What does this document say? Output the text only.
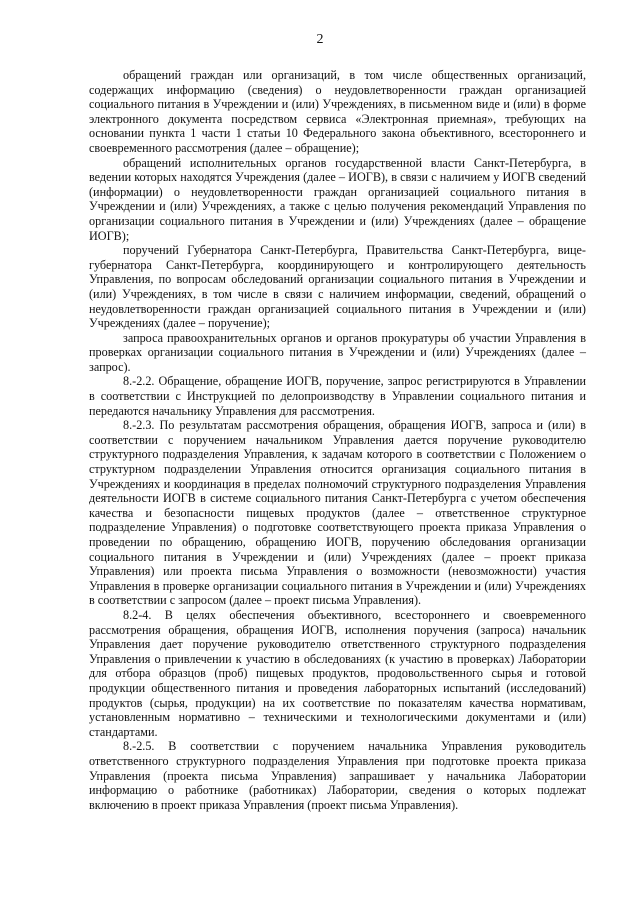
2

обращений граждан или организаций, в том числе общественных организаций, содержащих информацию (сведения) о неудовлетворенности граждан организацией социального питания в Учреждении и (или) Учреждениях, в письменном виде и (или) в форме электронного документа посредством сервиса «Электронная приемная», требующих на основании пункта 1 части 1 статьи 10 Федерального закона объективного, всестороннего и своевременного рассмотрения (далее – обращение);

обращений исполнительных органов государственной власти Санкт-Петербурга, в ведении которых находятся Учреждения (далее – ИОГВ), в связи с наличием у ИОГВ сведений (информации) о неудовлетворенности граждан организацией социального питания в Учреждении и (или) Учреждениях, а также с целью получения рекомендаций Управления по организации социального питания в Учреждении и (или) Учреждениях (далее – обращение ИОГВ);

поручений Губернатора Санкт-Петербурга, Правительства Санкт-Петербурга, вице-губернатора Санкт-Петербурга, координирующего и контролирующего деятельность Управления, по вопросам обследований организации социального питания в Учреждении и (или) Учреждениях, в том числе в связи с наличием информации, сведений, обращений о неудовлетворенности граждан организацией социального питания в Учреждении и (или) Учреждениях (далее – поручение);

запроса правоохранительных органов и органов прокуратуры об участии Управления в проверках организации социального питания в Учреждении и (или) Учреждениях (далее – запрос).

8.-2.2. Обращение, обращение ИОГВ, поручение, запрос регистрируются в Управлении в соответствии с Инструкцией по делопроизводству в Управлении социального питания и передаются начальнику Управления для рассмотрения.

8.-2.3. По результатам рассмотрения обращения, обращения ИОГВ, запроса и (или) в соответствии с поручением начальником Управления дается поручение руководителю структурного подразделения Управления, к задачам которого в соответствии с Положением о структурном подразделении Управления относится организация социального питания в Учреждениях и координация в пределах полномочий структурного подразделения Управления деятельности ИОГВ в системе социального питания Санкт-Петербурга с учетом обеспечения качества и безопасности пищевых продуктов (далее – ответственное структурное подразделение Управления) о подготовке соответствующего проекта приказа Управления о проведении по обращению, обращению ИОГВ, поручению обследования организации социального питания в Учреждении и (или) Учреждениях (далее – проект приказа Управления) или проекта письма Управления о возможности (невозможности) участия Управления в проверке организации социального питания в Учреждении и (или) Учреждениях в соответствии с запросом (далее – проект письма Управления).

8.2-4. В целях обеспечения объективного, всестороннего и своевременного рассмотрения обращения, обращения ИОГВ, исполнения поручения (запроса) начальник Управления дает поручение руководителю ответственного структурного подразделения Управления о привлечении к участию в обследованиях (к участию в проверках) Лаборатории для отбора образцов (проб) пищевых продуктов, продовольственного сырья и готовой продукции общественного питания и проведения лабораторных испытаний (исследований) продуктов (сырья, продукции) на их соответствие по показателям качества нормативам, установленным нормативно – техническими и технологическими документами и (или) стандартами.

8.-2.5. В соответствии с поручением начальника Управления руководитель ответственного структурного подразделения Управления при подготовке проекта приказа Управления (проекта письма Управления) запрашивает у начальника Лаборатории информацию о работнике (работниках) Лаборатории, сведения о которых подлежат включению в проект приказа Управления (проект письма Управления).
